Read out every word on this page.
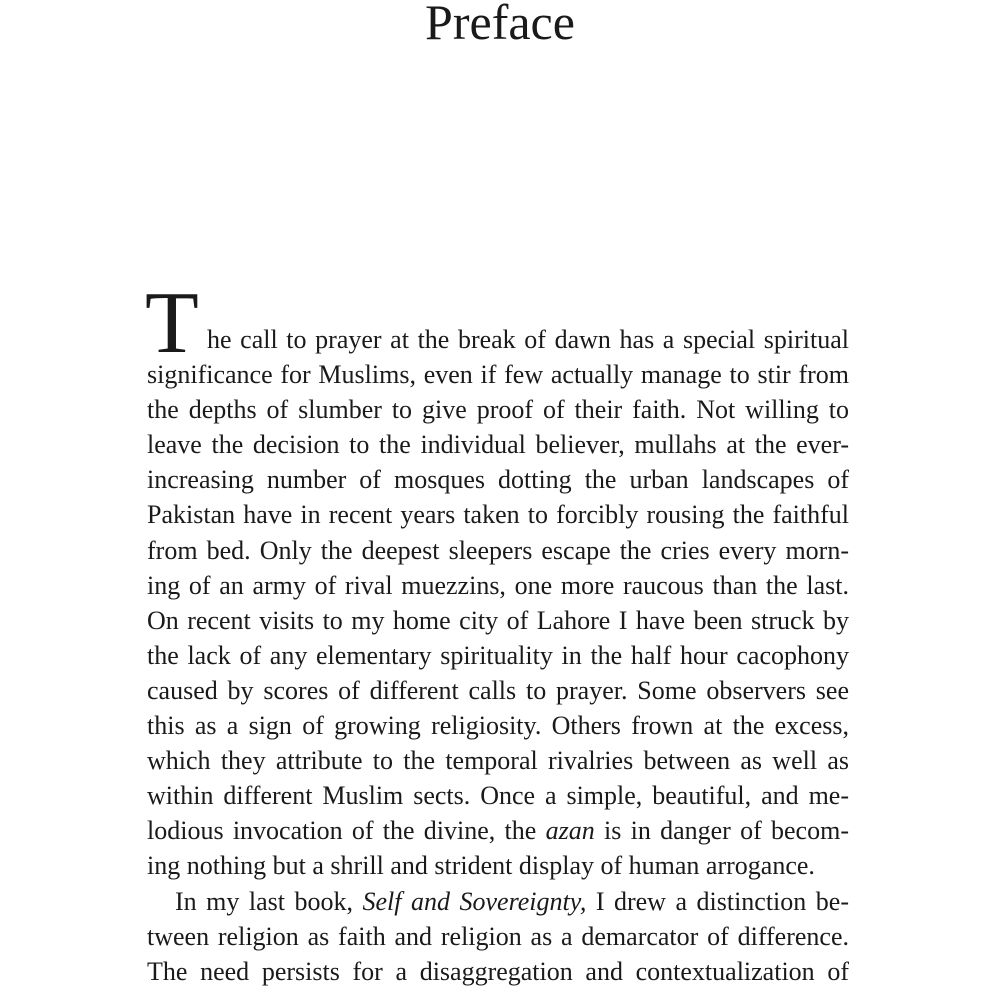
Preface
T he call to prayer at the break of dawn has a special spiritual
significance for Muslims, even if few actually manage to stir from
the depths of slumber to give proof of their faith. Not willing to
leave the decision to the individual believer, mullahs at the ever-
increasing number of mosques dotting the urban landscapes of
Pakistan have in recent years taken to forcibly rousing the faithful
from bed. Only the deepest sleepers escape the cries every morn-
ing of an army of rival muezzins, one more raucous than the last.
On recent visits to my home city of Lahore I have been struck by
the lack of any elementary spirituality in the half hour cacophony
caused by scores of different calls to prayer. Some observers see
this as a sign of growing religiosity. Others frown at the excess,
which they attribute to the temporal rivalries between as well as
within different Muslim sects. Once a simple, beautiful, and me-
lodious invocation of the divine, the azan is in danger of becom-
ing nothing but a shrill and strident display of human arrogance.
In my last book, Self and Sovereignty, I drew a distinction be-
tween religion as faith and religion as a demarcator of difference.
The need persists for a disaggregation and contextualization of
